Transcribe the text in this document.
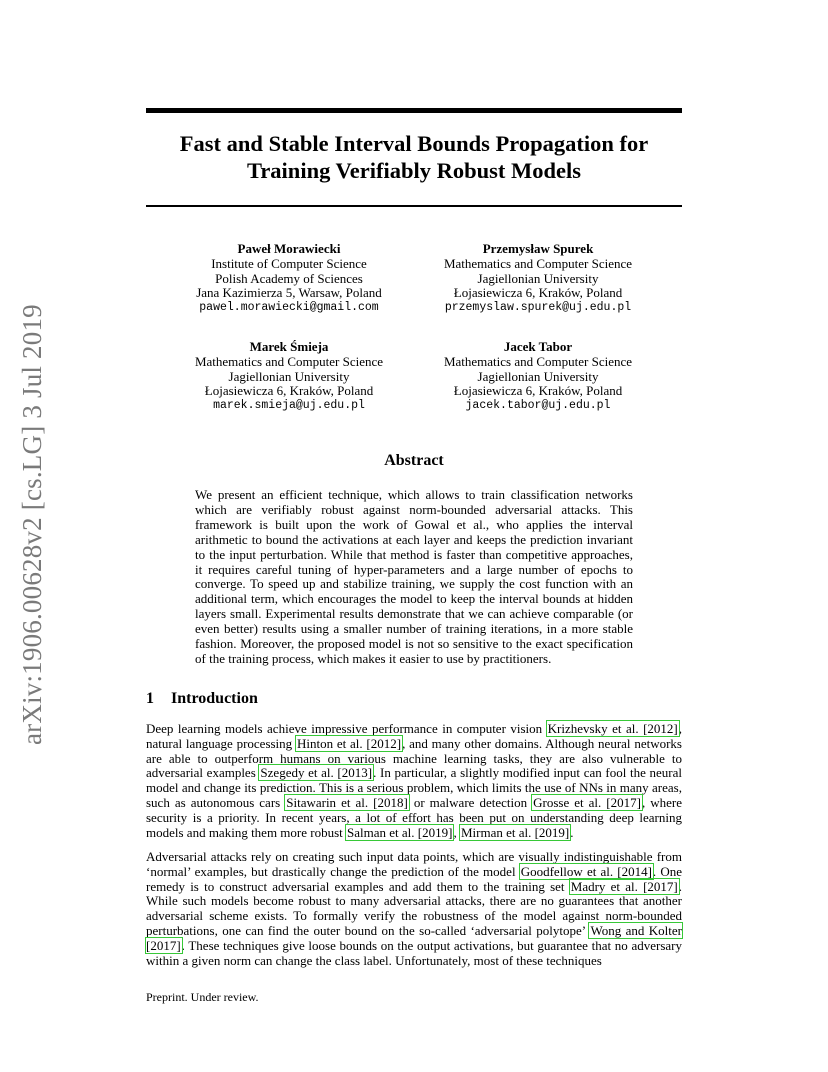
arXiv:1906.00628v2 [cs.LG] 3 Jul 2019
Fast and Stable Interval Bounds Propagation for
Training Verifiably Robust Models
Paweł Morawiecki
Institute of Computer Science
Polish Academy of Sciences
Jana Kazimierza 5, Warsaw, Poland
pawel.morawiecki@gmail.com
Przemysław Spurek
Mathematics and Computer Science
Jagiellonian University
Łojasiewicza 6, Kraków, Poland
przemyslaw.spurek@uj.edu.pl
Marek Śmieja
Mathematics and Computer Science
Jagiellonian University
Łojasiewicza 6, Kraków, Poland
marek.smieja@uj.edu.pl
Jacek Tabor
Mathematics and Computer Science
Jagiellonian University
Łojasiewicza 6, Kraków, Poland
jacek.tabor@uj.edu.pl
Abstract
We present an efficient technique, which allows to train classification networks which are verifiably robust against norm-bounded adversarial attacks. This framework is built upon the work of Gowal et al., who applies the interval arithmetic to bound the activations at each layer and keeps the prediction invariant to the input perturbation. While that method is faster than competitive approaches, it requires careful tuning of hyper-parameters and a large number of epochs to converge. To speed up and stabilize training, we supply the cost function with an additional term, which encourages the model to keep the interval bounds at hidden layers small. Experimental results demonstrate that we can achieve comparable (or even better) results using a smaller number of training iterations, in a more stable fashion. Moreover, the proposed model is not so sensitive to the exact specification of the training process, which makes it easier to use by practitioners.
1 Introduction
Deep learning models achieve impressive performance in computer vision Krizhevsky et al. [2012], natural language processing Hinton et al. [2012], and many other domains. Although neural networks are able to outperform humans on various machine learning tasks, they are also vulnerable to adversarial examples Szegedy et al. [2013]. In particular, a slightly modified input can fool the neural model and change its prediction. This is a serious problem, which limits the use of NNs in many areas, such as autonomous cars Sitawarin et al. [2018] or malware detection Grosse et al. [2017], where security is a priority. In recent years, a lot of effort has been put on understanding deep learning models and making them more robust Salman et al. [2019], Mirman et al. [2019].
Adversarial attacks rely on creating such input data points, which are visually indistinguishable from ‘normal’ examples, but drastically change the prediction of the model Goodfellow et al. [2014]. One remedy is to construct adversarial examples and add them to the training set Madry et al. [2017]. While such models become robust to many adversarial attacks, there are no guarantees that another adversarial scheme exists. To formally verify the robustness of the model against norm-bounded perturbations, one can find the outer bound on the so-called ‘adversarial polytope’ Wong and Kolter [2017]. These techniques give loose bounds on the output activations, but guarantee that no adversary within a given norm can change the class label. Unfortunately, most of these techniques
Preprint. Under review.
